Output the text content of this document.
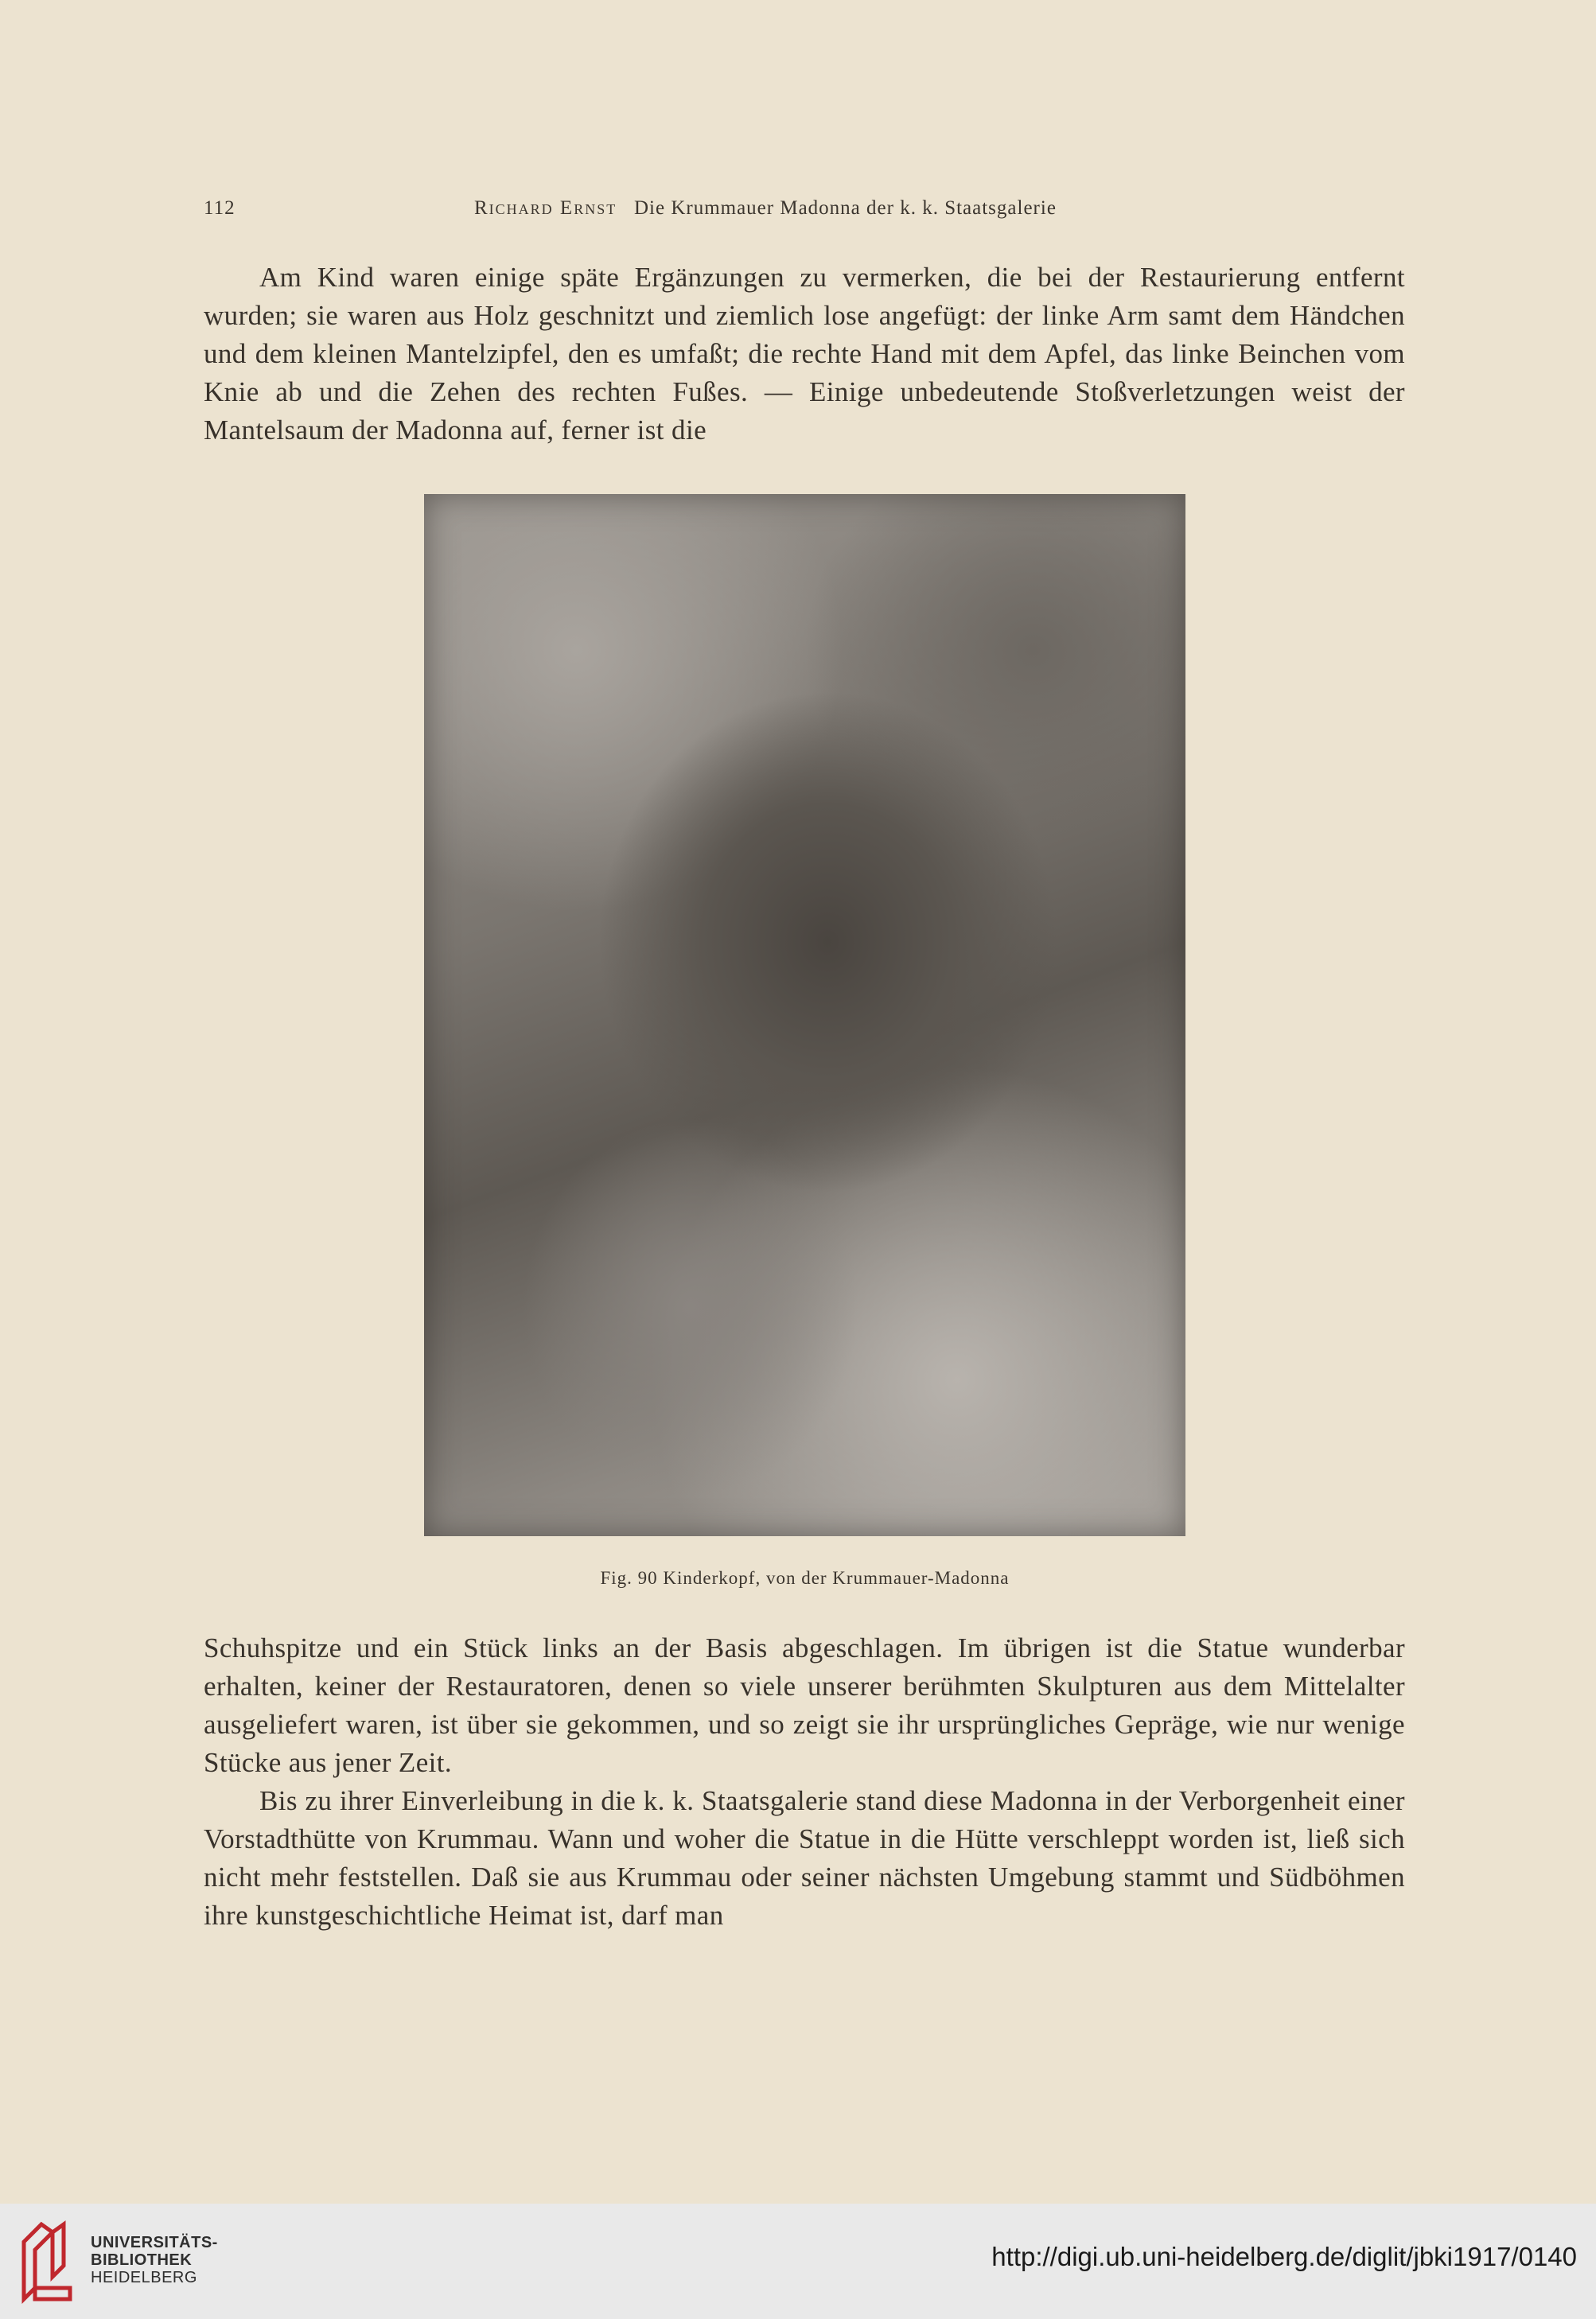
112	Richard Ernst Die Krummauer Madonna der k. k. Staatsgalerie

Am Kind waren einige späte Ergänzungen zu vermerken, die bei der Restaurierung entfernt wurden; sie waren aus Holz geschnitzt und ziemlich lose angefügt: der linke Arm samt dem Händchen und dem kleinen Mantelzipfel, den es umfaßt; die rechte Hand mit dem Apfel, das linke Beinchen vom Knie ab und die Zehen des rechten Fußes. — Einige unbedeutende Stoßverletzungen weist der Mantelsaum der Madonna auf, ferner ist die

Fig. 90 Kinderkopf, von der Krummauer-Madonna

Schuhspitze und ein Stück links an der Basis abgeschlagen. Im übrigen ist die Statue wunderbar erhalten, keiner der Restauratoren, denen so viele unserer berühmten Skulpturen aus dem Mittelalter ausgeliefert waren, ist über sie gekommen, und so zeigt sie ihr ursprüngliches Gepräge, wie nur wenige Stücke aus jener Zeit.

Bis zu ihrer Einverleibung in die k. k. Staatsgalerie stand diese Madonna in der Verborgenheit einer Vorstadthütte von Krummau. Wann und woher die Statue in die Hütte verschleppt worden ist, ließ sich nicht mehr feststellen. Daß sie aus Krummau oder seiner nächsten Umgebung stammt und Südböhmen ihre kunstgeschichtliche Heimat ist, darf man

UNIVERSITÄTS-
BIBLIOTHEK
HEIDELBERG
http://digi.ub.uni-heidelberg.de/diglit/jbki1917/0140
